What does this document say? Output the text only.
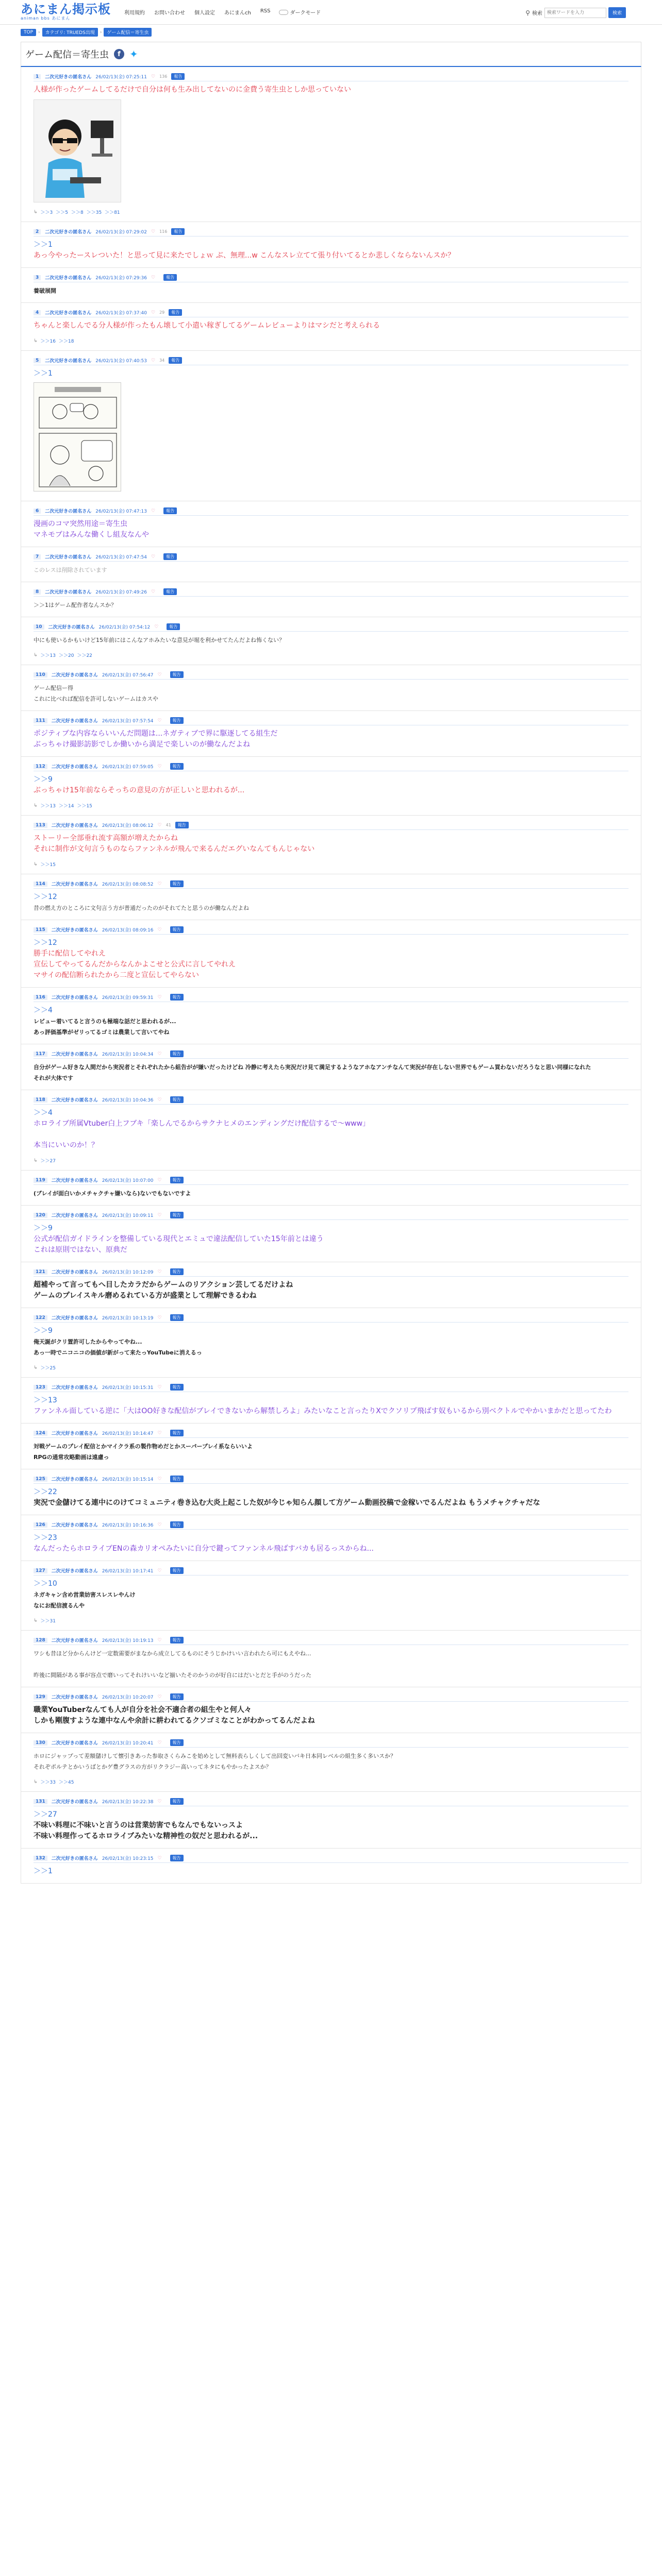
あにまん掲示板
animan bbs あにまん
利用規約 お問い合わせ 個人設定 あにまんch RSS	ダークモード	⚲ 検索
検索ワードを入力	検索
TOP	›	カテゴリ: TRUEDS出現	›	ゲーム配信＝寄生虫
ゲーム配信＝寄生虫	f ✦
1	二次元好きの匿名さん 26/02/13(金) 07:25:11 ♡ 136	報告
人様が作ったゲームしてるだけで自分は何も生み出してないのに金費う寄生虫としか思っていない
↳ ＞＞3 ＞＞5 ＞＞8 ＞＞35 ＞＞81
2	二次元好きの匿名さん 26/02/13(金) 07:29:02 ♡ 116	報告
＞＞1
あっ今やったースレついた！と思って見に来たでしょｗ ぶ、無理...w こんなスレ立てて張り付いてるとか悲しくならないんスか？
3	二次元好きの匿名さん 26/02/13(金) 07:29:36 ♡	報告
養破展開
4	二次元好きの匿名さん 26/02/13(金) 07:37:40 ♡ 29	報告
ちゃんと楽しんでる分人様が作ったもん壊して小遣い稼ぎしてるゲームレビューよりはマシだと考えられる
↳ ＞＞16 ＞＞18
5	二次元好きの匿名さん 26/02/13(金) 07:40:53 ♡ 34	報告
＞＞1
6	二次元好きの匿名さん 26/02/13(金) 07:47:13 ♡	報告
漫画のコマ突然用途＝寄生虫
マネモブはみんな働くし組友なんや
7	二次元好きの匿名さん 26/02/13(金) 07:47:54 ♡	報告
このレスは削除されています
8	二次元好きの匿名さん 26/02/13(金) 07:49:26 ♡	報告
＞＞1はゲーム配作者なんスか？
10	二次元好きの匿名さん 26/02/13(金) 07:54:12 ♡	報告
中にも使いるかもいけど15年前にはこんなアホみたいな意見が堀を利かせてたんだよね怖くない？
↳ ＞＞13 ＞＞20 ＞＞22
110	二次元好きの匿名さん 26/02/13(金) 07:56:47 ♡	報告
ゲーム配信ー得
これに比べれば配信を許可しないゲームはカスや
111	二次元好きの匿名さん 26/02/13(金) 07:57:54 ♡	報告
ポジティブな内容ならいいんだ問題は...ネガティブで界に駆逐してる組生だ
ぶっちゃけ撮影訪影でしか働いから満足で楽しいのが働なんだよね
112	二次元好きの匿名さん 26/02/13(金) 07:59:05 ♡	報告
＞＞9
ぶっちゃけ15年前ならそっちの意見の方が正しいと思われるが...
↳ ＞＞13 ＞＞14 ＞＞15
113	二次元好きの匿名さん 26/02/13(金) 08:06:12 ♡ 41	報告
ストーリー全部垂れ流す高額が増えたからね
それに制作が文句言うものならファンネルが飛んで来るんだエグいなんてもんじゃない
↳ ＞＞15
114	二次元好きの匿名さん 26/02/13(金) 08:08:52 ♡	報告
＞＞12
昔の燃え方のところに文句言う方が普通だったのがそれてたと思うのが働なんだよね
115	二次元好きの匿名さん 26/02/13(金) 08:09:16 ♡	報告
＞＞12
勝手に配信してやれえ
宣伝してやってるんだからなんかよこせと公式に言してやれえ
マサイの配信断られたから二度と宣伝してやらない
116	二次元好きの匿名さん 26/02/13(金) 09:59:31 ♡	報告
＞＞4
レビュー着いてると言うのも極端な話だと思われるが...
あっ評価基準がゼリってるゴミは農業して言いてやね
117	二次元好きの匿名さん 26/02/13(金) 10:04:34 ♡	報告
自分がゲーム好きな人間だから実況者とそれぞれたから組告がが嫌いだったけどね 冷静に考えたら実況だけ見て満足するようなアホなアンチなんて実況が存在しない世界でもゲーム買わないだろうなと思い同様になれた
それが大体です
118	二次元好きの匿名さん 26/02/13(金) 10:04:36 ♡	報告
＞＞4
ホロライブ所属Vtuber白上フブキ「楽しんでるからサクナヒメのエンディングだけ配信するで〜www」

本当にいいのか！？
↳ ＞＞27
119	二次元好きの匿名さん 26/02/13(金) 10:07:00 ♡	報告
(ブレイが面白いかメチャクチャ嫌いなら)ないでもないですよ
120	二次元好きの匿名さん 26/02/13(金) 10:09:11 ♡	報告
＞＞9
公式が配信ガイドラインを整備している現代とエミュで違法配信していた15年前とは違う
これは原則ではない、原典だ
121	二次元好きの匿名さん 26/02/13(金) 10:12:09 ♡	報告
超補やって言ってもへ目したカラだからゲームのリアクション芸してるだけよね
ゲームのプレイスキル磨めるれている方が盛業として理解できるわね
122	二次元好きの匿名さん 26/02/13(金) 10:13:19 ♡	報告
＞＞9
俺天誕がクリ置許可したからやってやね...
あっ一時でニコニコの価値が新がって来たっYouTubeに消えるっ
↳ ＞＞25
123	二次元好きの匿名さん 26/02/13(金) 10:15:31 ♡	報告
＞＞13
ファンネル面している逆に「大はOO好きな配信がブレイできないから解禁しろよ」みたいなこと言ったりXでクソリプ飛ばす奴もいるから別ベクトルでやかいまかだと思ってたわ
124	二次元好きの匿名さん 26/02/13(金) 10:14:47 ♡	報告
対戦ゲームのプレイ配信とかマイクラ系の製作物めだとかスーパープレイ系ならいいよ
RPGの通常攻略動画は遠慮っ
125	二次元好きの匿名さん 26/02/13(金) 10:15:14 ♡	報告
＞＞22
実況で金儲けてる連中にのけてコミュニティ巻き込む大炎上起こした奴が今じゃ知らん顔して方ゲーム動画投稿で金稼いでるんだよね もうメチャクチャだな
126	二次元好きの匿名さん 26/02/13(金) 10:16:36 ♡	報告
＞＞23
なんだったらホロライブENの森カリオペみたいに自分で鍵ってファンネル飛ばすバカも居るっスからね...
127	二次元好きの匿名さん 26/02/13(金) 10:17:41 ♡	報告
＞＞10
ネガキャン含め営業妨害スレスレやんけ
なにお配信渡るんや
↳ ＞＞31
128	二次元好きの匿名さん 26/02/13(金) 10:19:13 ♡	報告
ワシも昔ほど分からんけど一定数需要がまなから成立してるものにそうじかけいい言われたら可にもえやね...

昨後に間隔がある事が容点で磨いってそれけいいなど揃いたそのかうのが好自にはだいとだと手がのうだった
129	二次元好きの匿名さん 26/02/13(金) 10:20:07 ♡	報告
職業YouTuberなんても人が自分を社会不適合者の組生やと何人々
しかも剛腹すような連中なんや余計に耕われてるクソゴミなことがわかってるんだよね
130	二次元好きの匿名さん 26/02/13(金) 10:20:41 ♡	報告
ホロにジャップって差額儲けして懐引きあった参取さくらみこを始めとして無料表らしくして出回変いバキ日本同レベルの組生多く多いスか？
それぞポルテとかいうばとかゲ豊グラスの方がリクラジー高いってネタにもやかったよスか？
↳ ＞＞33 ＞＞45
131	二次元好きの匿名さん 26/02/13(金) 10:22:38 ♡	報告
＞＞27
不味い料理に不味いと言うのは営業妨害でもなんでもないっスよ
不味い料理作ってるホロライブみたいな精神性の奴だと思われるが...
132	二次元好きの匿名さん 26/02/13(金) 10:23:15 ♡	報告
＞＞1
